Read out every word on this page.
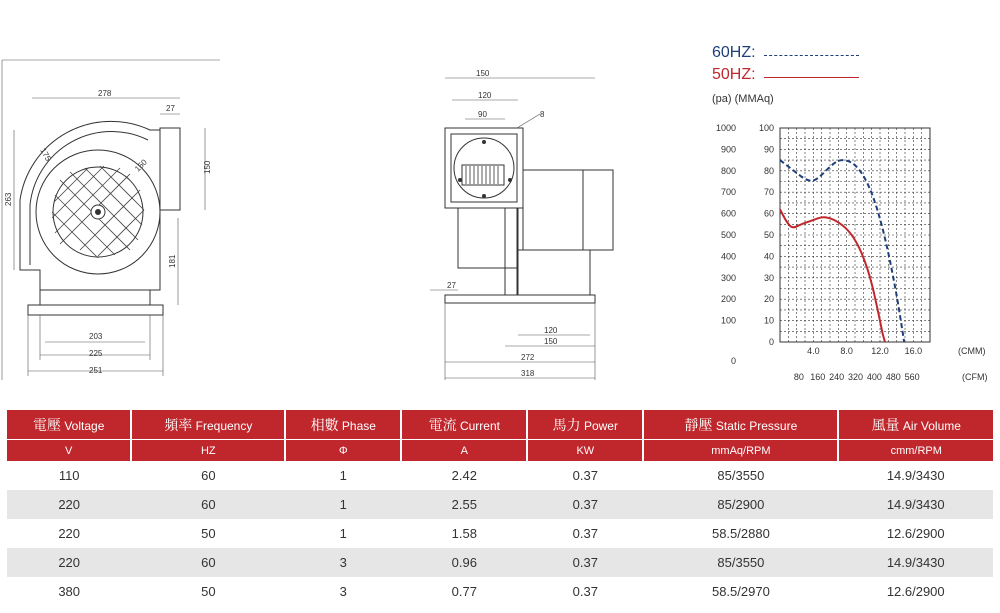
278
27
175
150	150
263
181
203
225
251
150
120
90	8
27
120
150
272
318
60HZ:
50HZ:
(pa) (MMAq)
0
10
20
30
40
50
60
70
80
90
100
0
100
200
300
400
500
600
700
800
900
1000
4.0 8.0 12.0 16.0
80 160 240 320 400 480 560
(CMM)
(CFM)
電壓 Voltage	頻率 Frequency	相數 Phase	電流 Current	馬力 Power	靜壓 Static Pressure	風量 Air Volume
V	HZ	Φ	A	KW	mmAq/RPM	cmm/RPM
110	60	1	2.42	0.37	85/3550	14.9/3430
220	60	1	2.55	0.37	85/2900	14.9/3430
220	50	1	1.58	0.37	58.5/2880	12.6/2900
220	60	3	0.96	0.37	85/3550	14.9/3430
380	50	3	0.77	0.37	58.5/2970	12.6/2900
